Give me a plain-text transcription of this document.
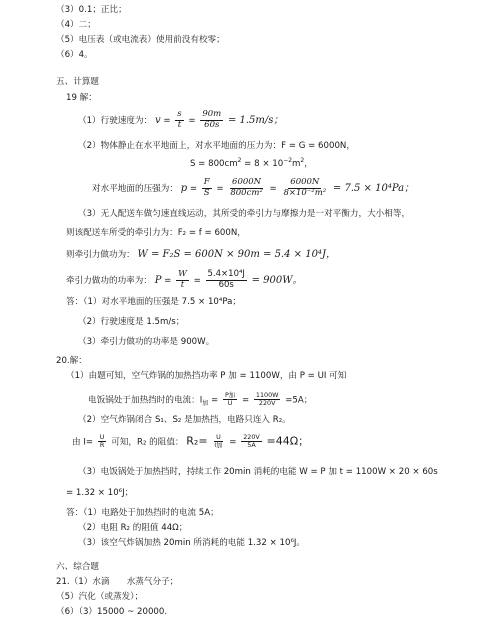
（3）0.1；正比；
（4）二；
（5）电压表（或电流表）使用前没有校零；
（6）4。
五、计算题
19 解：
（1）行驶速度为： $v = \frac{s}{t} = \frac{90m}{60s} = 1.5m/s$；
（2）物体静止在水平地面上，对水平地面的压力为：F = G = 6000N，
$S = 800cm^2 = 8 \times 10^{-2}m^2$，
对水平地面的压强为： $p = \frac{F}{S} = \frac{6000N}{\text{800cm²}} = \frac{6000N}{\text{8×10⁻²m²}} = 7.5 \times 10^4Pa$；
（3）无人配送车做匀速直线运动，其所受的牵引力与摩擦力是一对平衡力，大小相等，
则该配送车所受的牵引力为：F₂ = f = 600N，
则牵引力做功为： W = F₂S = 600N × 90m = 5.4 × 10⁴J，
牵引力做功的功率为： $P = \frac{W}{t} = \frac{\text{5.4×10⁴J}}{60s} = 900W$。
答：（1）对水平地面的压强是 7.5 × 10⁴Pa；
（2）行驶速度是 1.5m/s；
（3）牵引力做功的功率是 900W。
20.解：
（1）由题可知，空气炸锅的加热挡功率 P 加 = 1100W，由 P = UI 可知
电饭锅处于加热挡时的电流：$I_加 = \frac{\text{P加}}{U} = \frac{1100W}{220V} =5A$；
（2）空气炸锅闭合 S₁、S₂ 是加热挡，电路只连入 R₂。
由 $I= \frac{U}{R}$ 可知，R₂ 的阻值： $R_2= \frac{U}{\text{I加}} = \frac{220V}{5A} =44\Omega$；
（3）电饭锅处于加热挡时，持续工作 20min 消耗的电能 W = P 加 t = 1100W × 20 × 60s
= 1.32 × 10⁶J；
答：（1）电路处于加热挡时的电流 5A；
（2）电阻 R₂ 的阻值 44Ω；
（3）该空气炸锅加热 20min 所消耗的电能 1.32 × 10⁶J。
六、综合题
21.（1）水滴　　水蒸气分子；
（5）汽化（或蒸发）；
（6）（3）15000 ~ 20000.
